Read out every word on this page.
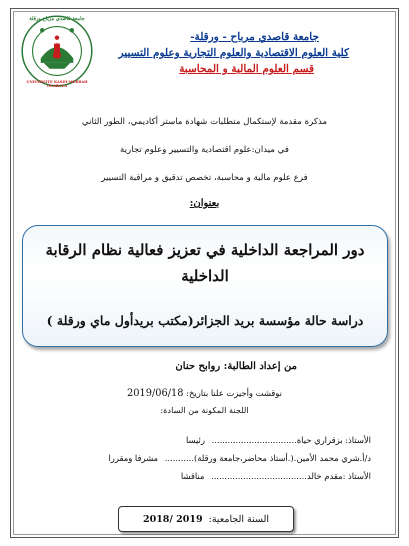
جامعة قاصدي مرباح ورقلة
UNIVERSITE KASDI-MERBAH OUARGLA
جامعة قاصدي مرباح - ورقلة-
كلية العلوم الاقتصادية والعلوم التجارية وعلوم التسيير
قسم العلوم المالية و المحاسبة
مذكرة مقدمة لإستكمال متطلبات شهادة ماستر أكاديمي، الطور الثاني
في ميدان:علوم اقتصادية والتسيير وعلوم تجارية
فرع علوم مالية و محاسبة، تخصص تدقيق و مراقبة التسيير
بعنوان:
دور المراجعة الداخلية في تعزيز فعالية نظام الرقابة
الداخلية
دراسة حالة مؤسسة بريد الجزائر(مكتب بريدأول ماي ورقلة )
من إعداد الطالبة: روابح حنان
نوقشت وأجيزت علنا بتاريخ: 2019/06/18
اللجنة المكونة من السادة:
الأستاذ: بزقراري حياة................................ رئيسا
د/أ.شري محمد الأمين.(.أستاذ محاضر،جامعة ورقلة)........... مشرفا ومقررا
الأستاذ :مقدم خالد.................................... مناقشا
السنة الجامعية:
2018/ 2019
